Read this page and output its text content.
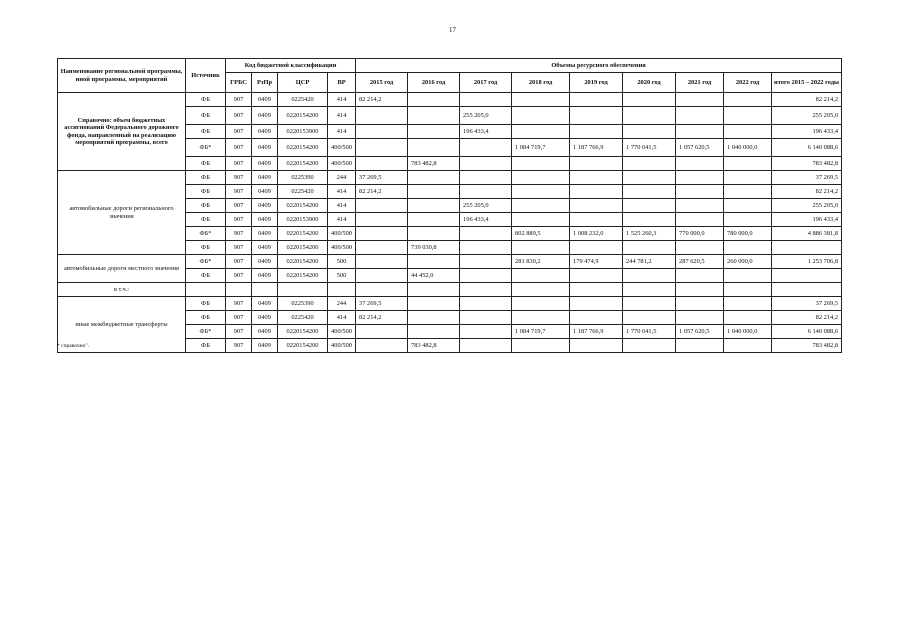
17
Наименование региональной программы, иной программы, мероприятий	Источник	Код бюджетной классификации				Объемы ресурсного обеспечения								
		ГРБС	РзПр	ЦСР	ВР	2015 год	2016 год	2017 год	2018 год	2019 год	2020 год	2021 год	2022 год	итого 2015 – 2022 годы
Справочно: объем бюджетных ассигнований Федерального дорожного фонда, направленный на реализацию мероприятий программы, всего	ФБ	907	0409	0225420	414	82 214,2								82 214,2
	ФБ	907	0409	0220154200	414			255 205,0						255 205,0
	ФБ	907	0409	0220153900	414			196 433,4						196 433,4
	ФБ*	907	0409	0220154200	400/500				1 084 719,7	1 187 766,9	1 770 041,5	1 057 620,5	1 040 000,0	6 140 088,6
	ФБ	907	0409	0220154200	400/500		783 482,8							783 482,8
автомобильные дороги регионального значения	ФБ	907	0409	0225390	244	37 269,5								37 269,5
	ФБ	907	0409	0225420	414	82 214,2								82 214,2
	ФБ	907	0409	0220154200	414			255 205,0						255 205,0
	ФБ	907	0409	0220153900	414			196 433,4						196 433,4
	ФБ*	907	0409	0220154200	400/500				802 889,5	1 008 232,0	1 525 260,3	770 000,0	780 000,0	4 886 381,8
	ФБ	907	0409	0220154200	400/500		739 030,8							
автомобильные дороги местного значения	ФБ*	907	0409	0220154200	500				281 830,2	179 474,9	244 781,2	287 620,5	260 000,0	1 253 706,8
	ФБ	907	0409	0220154200	500		44 452,0							
в т.ч.:														
иные межбюджетные трансферты	ФБ	907	0409	0225390	244	37 269,5								37 269,5
	ФБ	907	0409	0225420	414	82 214,2								82 214,2
	ФБ*	907	0409	0220154200	400/500				1 084 719,7	1 187 766,9	1 770 041,5	1 057 620,5	1 040 000,0	6 140 088,6
	ФБ	907	0409	0220154200	400/500		783 482,8							783 482,8
* справочно".
